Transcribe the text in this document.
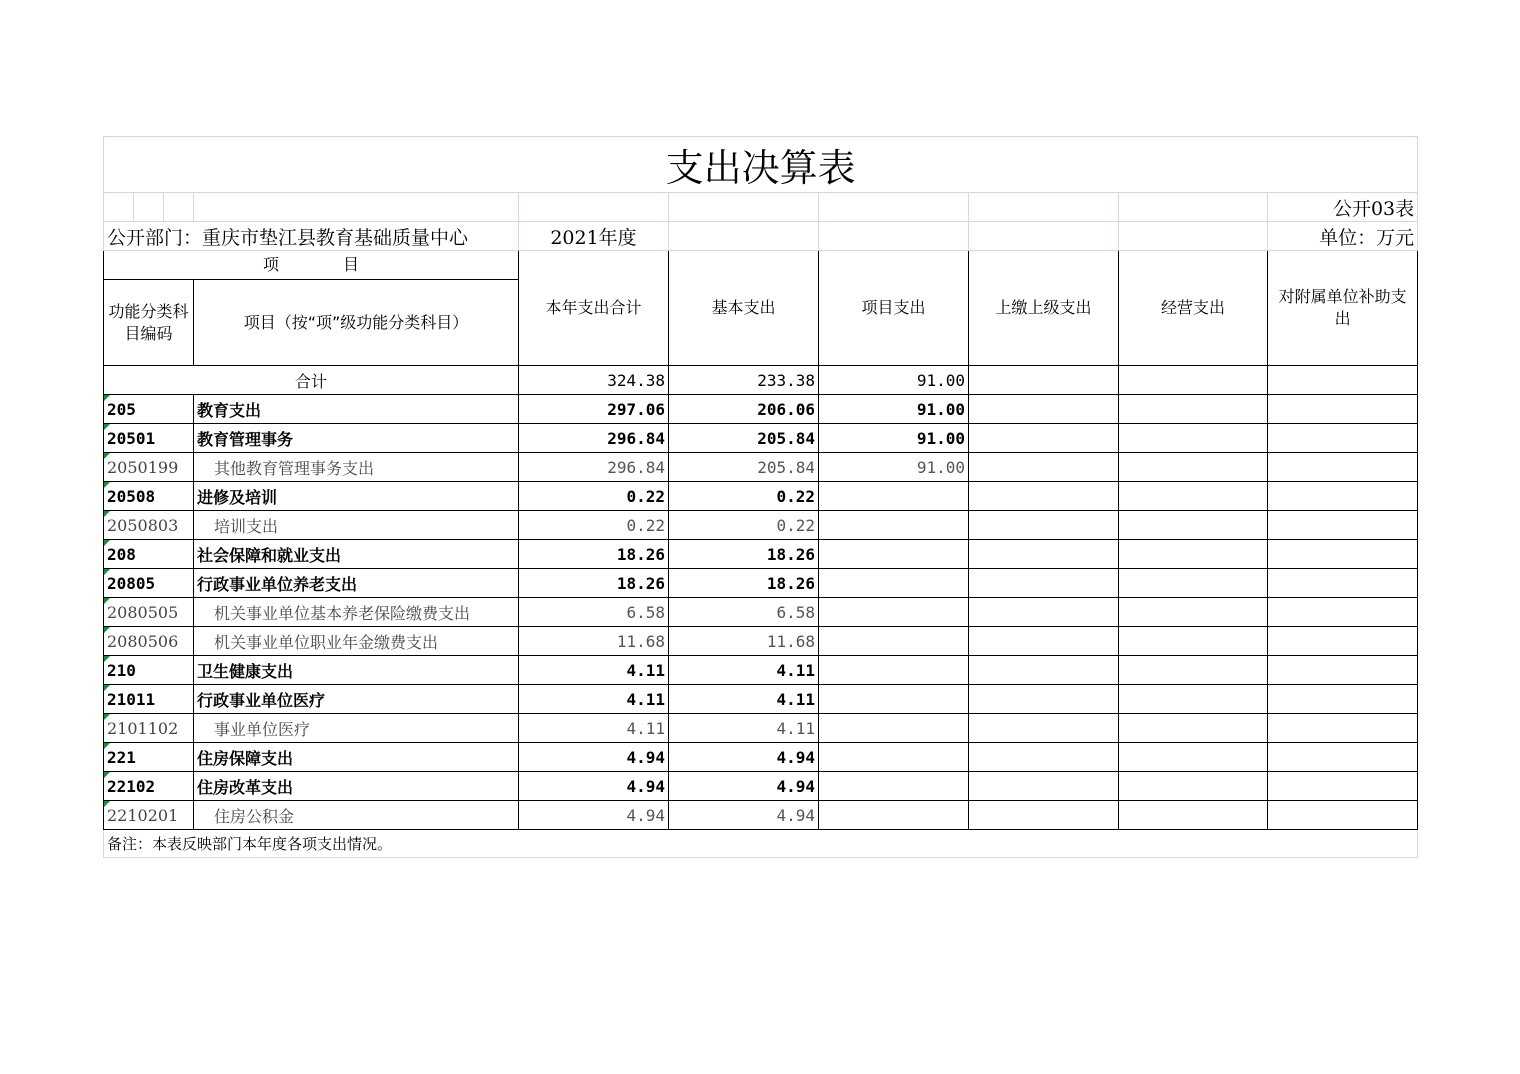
支出决算表									
									公开03表
公开部门：重庆市垫江县教育基础质量中心				2021年度					单位：万元
项　　　　目				本年支出合计	基本支出	项目支出	上缴上级支出	经营支出	对附属单位补助支出
功能分类科目编码			项目（按“项”级功能分类科目）						
合计				324.38	233.38	91.00			
205			教育支出	297.06	206.06	91.00			
20501			教育管理事务	296.84	205.84	91.00			
2050199			其他教育管理事务支出	296.84	205.84	91.00			
20508			进修及培训	0.22	0.22				
2050803			培训支出	0.22	0.22				
208			社会保障和就业支出	18.26	18.26				
20805			行政事业单位养老支出	18.26	18.26				
2080505			机关事业单位基本养老保险缴费支出	6.58	6.58				
2080506			机关事业单位职业年金缴费支出	11.68	11.68				
210			卫生健康支出	4.11	4.11				
21011			行政事业单位医疗	4.11	4.11				
2101102			事业单位医疗	4.11	4.11				
221			住房保障支出	4.94	4.94				
22102			住房改革支出	4.94	4.94				
2210201			住房公积金	4.94	4.94				
备注：本表反映部门本年度各项支出情况。									
